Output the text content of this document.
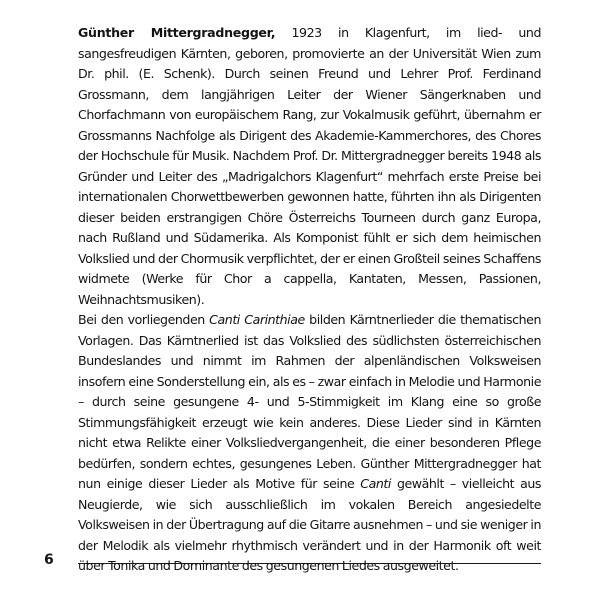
Günther Mittergradnegger, 1923 in Klagenfurt, im lied- und sangesfreudigen Kärnten, geboren, promovierte an der Universität Wien zum Dr. phil. (E. Schenk). Durch seinen Freund und Lehrer Prof. Ferdinand Grossmann, dem langjährigen Leiter der Wiener Sängerknaben und Chorfachmann von europäischem Rang, zur Vokalmusik geführt, übernahm er Grossmanns Nachfolge als Dirigent des Akademie-Kammerchores, des Chores der Hochschule für Musik. Nachdem Prof. Dr. Mittergradnegger bereits 1948 als Gründer und Leiter des „Madrigalchors Klagenfurt“ mehrfach erste Preise bei internationalen Chorwettbewerben gewonnen hatte, führten ihn als Dirigenten dieser beiden erstrangigen Chöre Österreichs Tourneen durch ganz Europa, nach Rußland und Südamerika. Als Komponist fühlt er sich dem heimischen Volkslied und der Chormusik verpflichtet, der er einen Großteil seines Schaffens widmete (Werke für Chor a cappella, Kantaten, Messen, Passionen, Weihnachtsmusiken).

Bei den vorliegenden Canti Carinthiae bilden Kärntnerlieder die thematischen Vorlagen. Das Kärntnerlied ist das Volkslied des südlichsten österreichischen Bundeslandes und nimmt im Rahmen der alpenländischen Volksweisen insofern eine Sonderstellung ein, als es – zwar einfach in Melodie und Harmonie – durch seine gesungene 4- und 5-Stimmigkeit im Klang eine so große Stimmungsfähigkeit erzeugt wie kein anderes. Diese Lieder sind in Kärnten nicht etwa Relikte einer Volksliedvergangenheit, die einer besonderen Pflege bedürfen, sondern echtes, gesungenes Leben. Günther Mittergradnegger hat nun einige dieser Lieder als Motive für seine Canti gewählt – vielleicht aus Neugierde, wie sich ausschließlich im vokalen Bereich angesiedelte Volksweisen in der Übertragung auf die Gitarre ausnehmen – und sie weniger in der Melodik als vielmehr rhythmisch verändert und in der Harmonik oft weit über Tonika und Dominante des gesungenen Liedes ausgeweitet.

6
